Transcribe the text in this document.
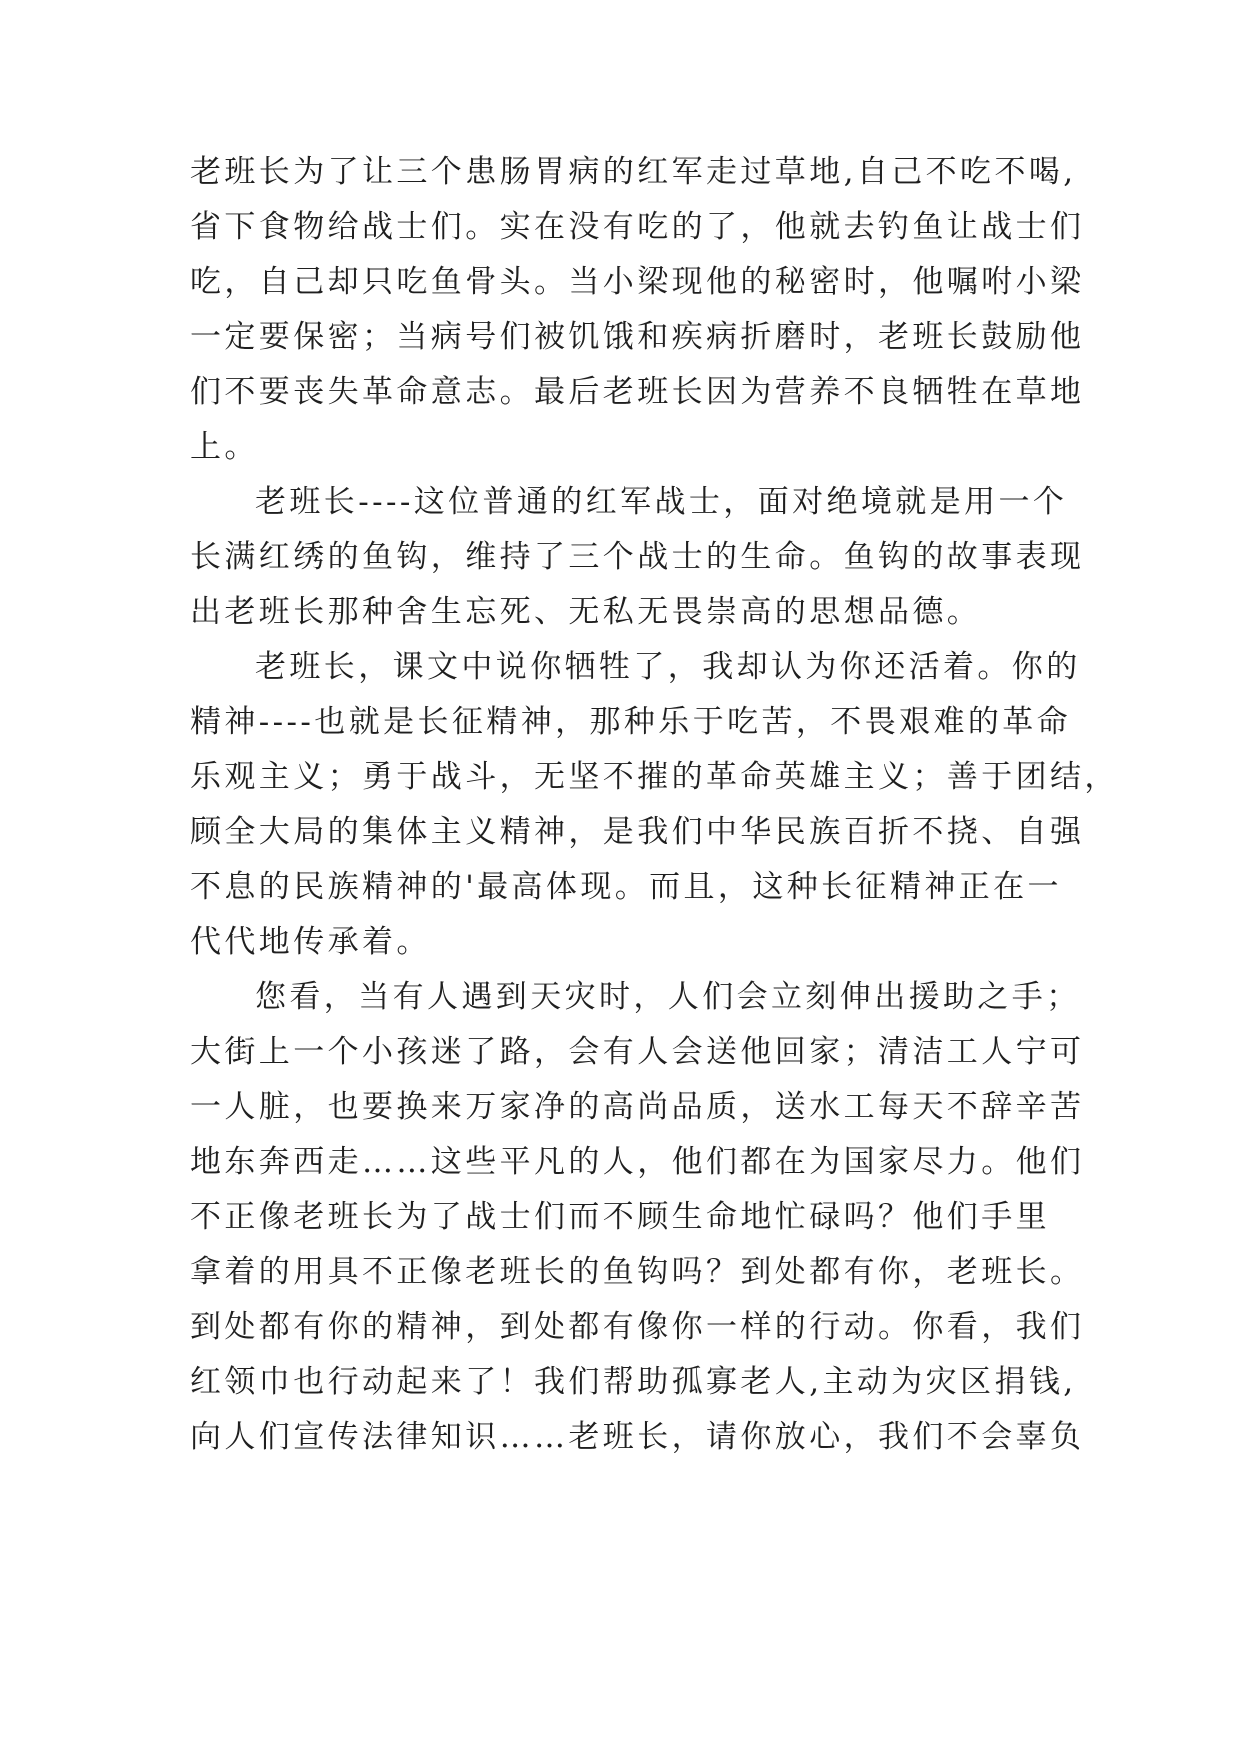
老班长为了让三个患肠胃病的红军走过草地,自己不吃不喝,
省下食物给战士们。实在没有吃的了，他就去钓鱼让战士们
吃，自己却只吃鱼骨头。当小梁现他的秘密时，他嘱咐小梁
一定要保密；当病号们被饥饿和疾病折磨时，老班长鼓励他
们不要丧失革命意志。最后老班长因为营养不良牺牲在草地
上。
老班长----这位普通的红军战士，面对绝境就是用一个
长满红绣的鱼钩，维持了三个战士的生命。鱼钩的故事表现
出老班长那种舍生忘死、无私无畏崇高的思想品德。
老班长，课文中说你牺牲了，我却认为你还活着。你的
精神----也就是长征精神，那种乐于吃苦，不畏艰难的革命
乐观主义；勇于战斗，无坚不摧的革命英雄主义；善于团结，
顾全大局的集体主义精神，是我们中华民族百折不挠、自强
不息的民族精神的'最高体现。而且，这种长征精神正在一
代代地传承着。
您看，当有人遇到天灾时，人们会立刻伸出援助之手；
大街上一个小孩迷了路，会有人会送他回家；清洁工人宁可
一人脏，也要换来万家净的高尚品质，送水工每天不辞辛苦
地东奔西走……这些平凡的人，他们都在为国家尽力。他们
不正像老班长为了战士们而不顾生命地忙碌吗？他们手里
拿着的用具不正像老班长的鱼钩吗？到处都有你，老班长。
到处都有你的精神，到处都有像你一样的行动。你看，我们
红领巾也行动起来了！我们帮助孤寡老人,主动为灾区捐钱,
向人们宣传法律知识……老班长，请你放心，我们不会辜负
